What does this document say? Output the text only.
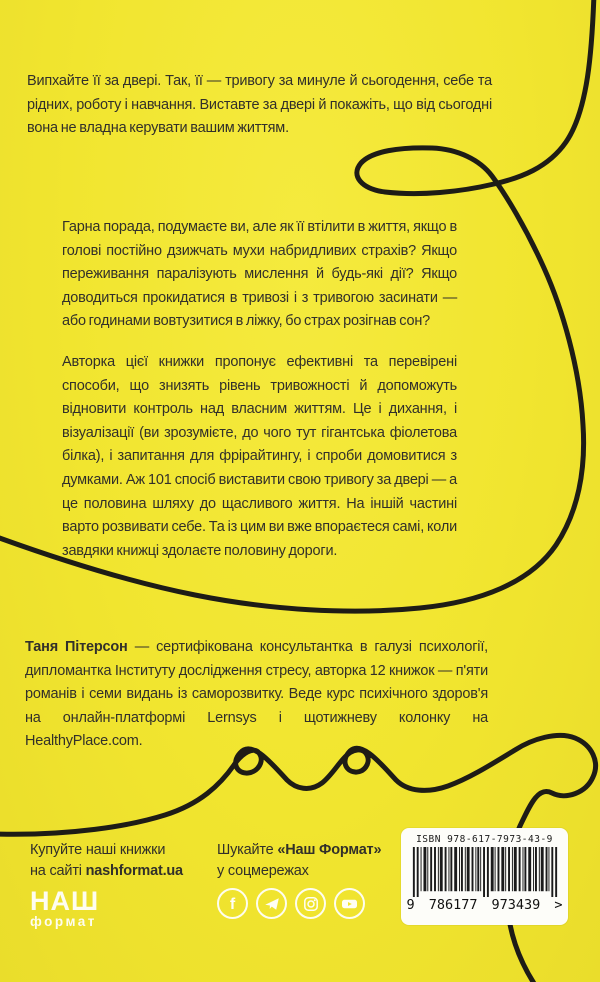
Випхайте її за двері. Так, її — тривогу за минуле й сьогодення, себе та рідних, роботу і навчання. Виставте за двері й покажіть, що від сьогодні вона не владна керувати вашим життям.

Гарна порада, подумаєте ви, але як її втілити в життя, якщо в голові постійно дзижчать мухи набридливих страхів? Якщо переживання паралізують мислення й будь-які дії? Якщо доводиться прокидатися в тривозі і з тривогою засинати — або годинами вовтузитися в ліжку, бо страх розігнав сон?

Авторка цієї книжки пропонує ефективні та перевірені способи, що знизять рівень тривожності й допоможуть відновити контроль над власним життям. Це і дихання, і візуалізації (ви зрозумієте, до чого тут гігантська фіолетова білка), і запитання для фрірайтингу, і спроби домовитися з думками. Аж 101 спосіб виставити свою тривогу за двері — а це половина шляху до щасливого життя. На іншій частині варто розвивати себе. Та із цим ви вже впораєтеся самі, коли завдяки книжці здолаєте половину дороги.

Таня Пітерсон — сертифікована консультантка в галузі психології, дипломантка Інституту дослідження стресу, авторка 12 книжок — п'яти романів і семи видань із саморозвитку. Веде курс психічного здоров'я на онлайн-платформі Lernsys і щотижневу колонку на HealthyPlace.com.

Купуйте наші книжки
на сайті nashformat.ua
НАШ
формат
Шукайте «Наш Формат»
у соцмережах
f
ISBN 978-617-7973-43-9
9 786177 973439 >
